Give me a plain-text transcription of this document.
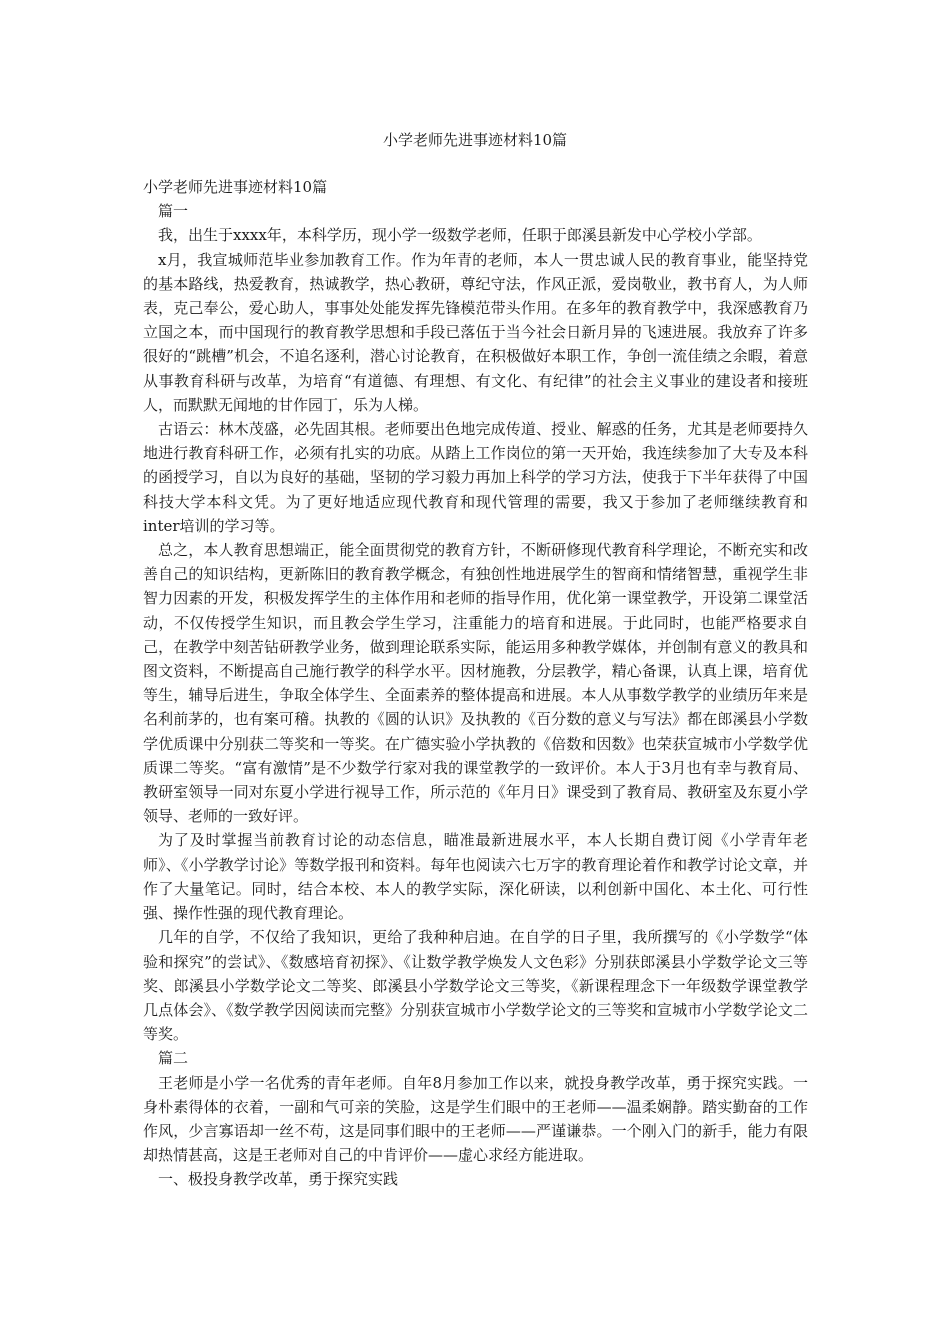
小学老师先进事迹材料10篇

小学老师先进事迹材料10篇

篇一

我，出生于xxxx年，本科学历，现小学一级数学老师，任职于郎溪县新发中心学校小学部。

x月，我宣城师范毕业参加教育工作。作为年青的老师，本人一贯忠诚人民的教育事业，能坚持党的基本路线，热爱教育，热诚教学，热心教研，尊纪守法，作风正派，爱岗敬业，教书育人，为人师表，克己奉公，爱心助人，事事处处能发挥先锋模范带头作用。在多年的教育教学中，我深感教育乃立国之本，而中国现行的教育教学思想和手段已落伍于当今社会日新月异的飞速进展。我放弃了许多很好的“跳槽”机会，不追名逐利，潜心讨论教育，在积极做好本职工作，争创一流佳绩之余暇，着意从事教育科研与改革，为培育“有道德、有理想、有文化、有纪律”的社会主义事业的建设者和接班人，而默默无闻地的甘作园丁，乐为人梯。

古语云：林木茂盛，必先固其根。老师要出色地完成传道、授业、解惑的任务，尤其是老师要持久地进行教育科研工作，必须有扎实的功底。从踏上工作岗位的第一天开始，我连续参加了大专及本科的函授学习，自以为良好的基础，坚韧的学习毅力再加上科学的学习方法，使我于下半年获得了中国科技大学本科文凭。为了更好地适应现代教育和现代管理的需要，我又于参加了老师继续教育和inter培训的学习等。

总之，本人教育思想端正，能全面贯彻党的教育方针，不断研修现代教育科学理论，不断充实和改善自己的知识结构，更新陈旧的教育教学概念，有独创性地进展学生的智商和情绪智慧，重视学生非智力因素的开发，积极发挥学生的主体作用和老师的指导作用，优化第一课堂教学，开设第二课堂活动，不仅传授学生知识，而且教会学生学习，注重能力的培育和进展。于此同时，也能严格要求自己，在教学中刻苦钻研教学业务，做到理论联系实际，能运用多种教学媒体，并创制有意义的教具和图文资料，不断提高自己施行教学的科学水平。因材施教，分层教学，精心备课，认真上课，培育优等生，辅导后进生，争取全体学生、全面素养的整体提高和进展。本人从事数学教学的业绩历年来是名利前茅的，也有案可稽。执教的《圆的认识》及执教的《百分数的意义与写法》都在郎溪县小学数学优质课中分别获二等奖和一等奖。在广德实验小学执教的《倍数和因数》也荣获宣城市小学数学优质课二等奖。“富有激情”是不少数学行家对我的课堂教学的一致评价。本人于3月也有幸与教育局、教研室领导一同对东夏小学进行视导工作，所示范的《年月日》课受到了教育局、教研室及东夏小学领导、老师的一致好评。

为了及时掌握当前教育讨论的动态信息，瞄准最新进展水平，本人长期自费订阅《小学青年老师》、《小学教学讨论》等数学报刊和资料。每年也阅读六七万字的教育理论着作和教学讨论文章，并作了大量笔记。同时，结合本校、本人的教学实际，深化研读，以利创新中国化、本土化、可行性强、操作性强的现代教育理论。

几年的自学，不仅给了我知识，更给了我种种启迪。在自学的日子里，我所撰写的《小学数学“体验和探究”的尝试》、《数感培育初探》、《让数学教学焕发人文色彩》分别获郎溪县小学数学论文三等奖、郎溪县小学数学论文二等奖、郎溪县小学数学论文三等奖，《新课程理念下一年级数学课堂教学几点体会》、《数学教学因阅读而完整》分别获宣城市小学数学论文的三等奖和宣城市小学数学论文二等奖。

篇二

王老师是小学一名优秀的青年老师。自年8月参加工作以来，就投身教学改革，勇于探究实践。一身朴素得体的衣着，一副和气可亲的笑脸，这是学生们眼中的王老师——温柔娴静。踏实勤奋的工作作风，少言寡语却一丝不苟，这是同事们眼中的王老师——严谨谦恭。一个刚入门的新手，能力有限却热情甚高，这是王老师对自己的中肯评价——虚心求经方能进取。

一、极投身教学改革，勇于探究实践
